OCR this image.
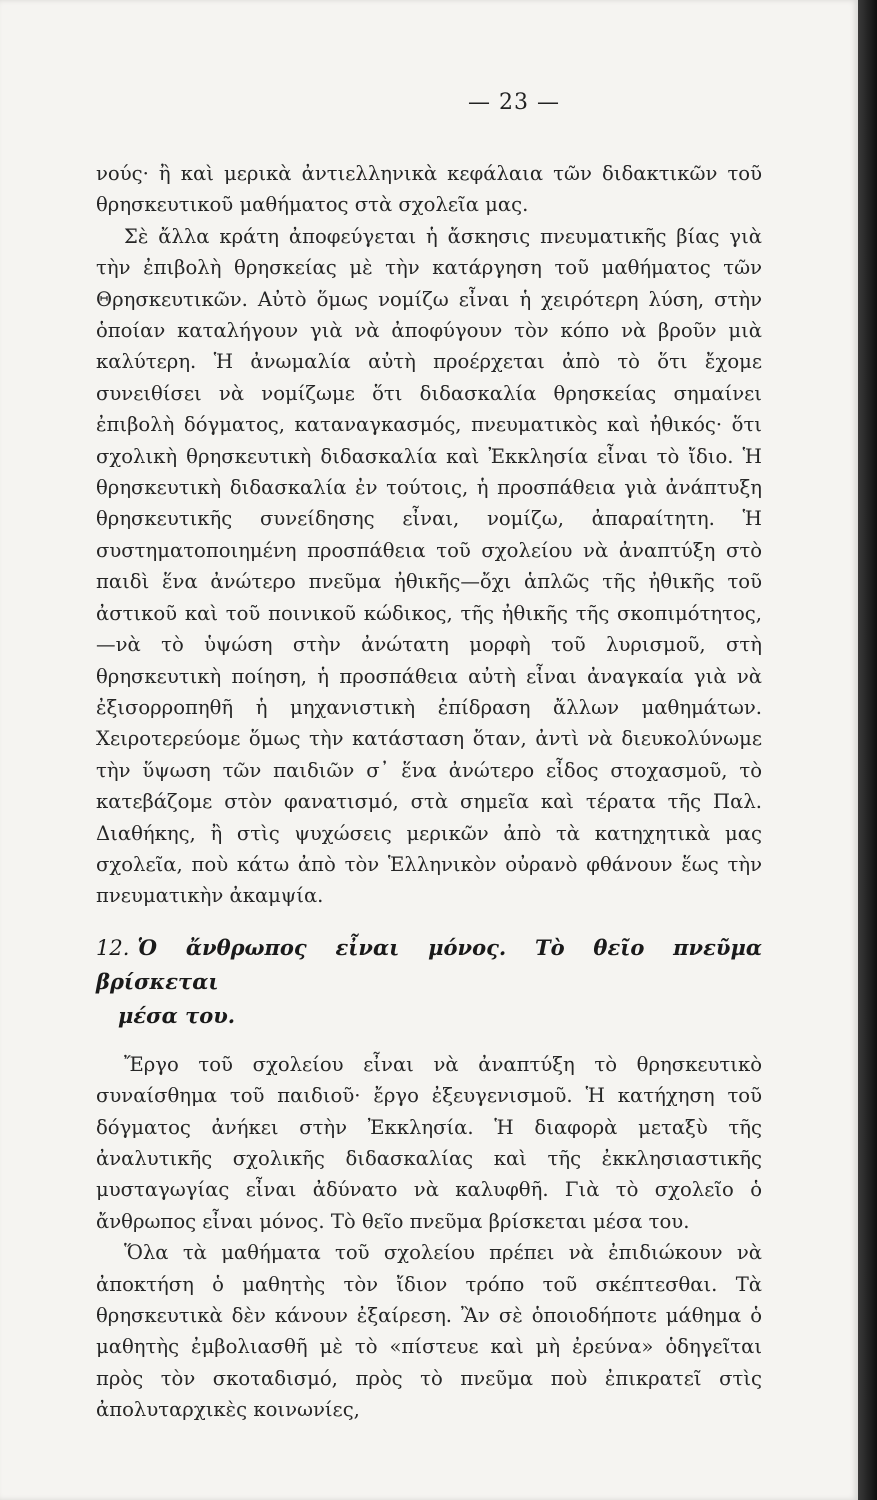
— 23 —

νούς· ἢ καὶ μερικὰ ἀντιελληνικὰ κεφάλαια τῶν διδακτικῶν τοῦ θρησκευτικοῦ μαθήματος στὰ σχολεῖα μας.

Σὲ ἄλλα κράτη ἀποφεύγεται ἡ ἄσκησις πνευματικῆς βίας γιὰ τὴν ἐπιβολὴ θρησκείας μὲ τὴν κατάργηση τοῦ μαθήματος τῶν Θρησκευτικῶν. Αὐτὸ ὅμως νομίζω εἶναι ἡ χειρότερη λύση, στὴν ὁποίαν καταλήγουν γιὰ νὰ ἀποφύγουν τὸν κόπο νὰ βροῦν μιὰ καλύτερη. Ἡ ἀνωμαλία αὐτὴ προέρχεται ἀπὸ τὸ ὅτι ἔχομε συνειθίσει νὰ νομίζωμε ὅτι διδασκαλία θρησκείας σημαίνει ἐπιβολὴ δόγματος, καταναγκασμός, πνευματικὸς καὶ ἠθικός· ὅτι σχολικὴ θρησκευτικὴ διδασκαλία καὶ Ἐκκλησία εἶναι τὸ ἴδιο. Ἡ θρησκευτικὴ διδασκαλία ἐν τούτοις, ἡ προσπάθεια γιὰ ἀνάπτυξη θρησκευτικῆς συνείδησης εἶναι, νομίζω, ἀπαραίτητη. Ἡ συστηματοποιημένη προσπάθεια τοῦ σχολείου νὰ ἀναπτύξη στὸ παιδὶ ἕνα ἀνώτερο πνεῦμα ἠθικῆς—ὄχι ἁπλῶς τῆς ἠθικῆς τοῦ ἀστικοῦ καὶ τοῦ ποινικοῦ κώδικος, τῆς ἠθικῆς τῆς σκοπιμότητος,—νὰ τὸ ὑψώση στὴν ἀνώτατη μορφὴ τοῦ λυρισμοῦ, στὴ θρησκευτικὴ ποίηση, ἡ προσπάθεια αὐτὴ εἶναι ἀναγκαία γιὰ νὰ ἐξισορροπηθῆ ἡ μηχανιστικὴ ἐπίδραση ἄλλων μαθημάτων. Χειροτερεύομε ὅμως τὴν κατάσταση ὅταν, ἀντὶ νὰ διευκολύνωμε τὴν ὕψωση τῶν παιδιῶν σ᾿ ἕνα ἀνώτερο εἶδος στοχασμοῦ, τὸ κατεβάζομε στὸν φανατισμό, στὰ σημεῖα καὶ τέρατα τῆς Παλ. Διαθήκης, ἢ στὶς ψυχώσεις μερικῶν ἀπὸ τὰ κατηχητικὰ μας σχολεῖα, ποὺ κάτω ἀπὸ τὸν Ἑλληνικὸν οὐρανὸ φθάνουν ἕως τὴν πνευματικὴν ἀκαμψία.

12. Ὁ ἄνθρωπος εἶναι μόνος. Τὸ θεῖο πνεῦμα βρίσκεται
μέσα του.

Ἔργο τοῦ σχολείου εἶναι νὰ ἀναπτύξη τὸ θρησκευτικὸ συναίσθημα τοῦ παιδιοῦ· ἔργο ἐξευγενισμοῦ. Ἡ κατήχηση τοῦ δόγματος ἀνήκει στὴν Ἐκκλησία. Ἡ διαφορὰ μεταξὺ τῆς ἀναλυτικῆς σχολικῆς διδασκαλίας καὶ τῆς ἐκκλησιαστικῆς μυσταγωγίας εἶναι ἀδύνατο νὰ καλυφθῆ. Γιὰ τὸ σχολεῖο ὁ ἄνθρωπος εἶναι μόνος. Τὸ θεῖο πνεῦμα βρίσκεται μέσα του.

Ὅλα τὰ μαθήματα τοῦ σχολείου πρέπει νὰ ἐπιδιώκουν νὰ ἀποκτήση ὁ μαθητὴς τὸν ἴδιον τρόπο τοῦ σκέπτεσθαι. Τὰ θρησκευτικὰ δὲν κάνουν ἐξαίρεση. Ἂν σὲ ὁποιοδήποτε μάθημα ὁ μαθητὴς ἐμβολιασθῆ μὲ τὸ «πίστευε καὶ μὴ ἐρεύνα» ὁδηγεῖται πρὸς τὸν σκοταδισμό, πρὸς τὸ πνεῦμα ποὺ ἐπικρατεῖ στὶς ἀπολυταρχικὲς κοινωνίες,
